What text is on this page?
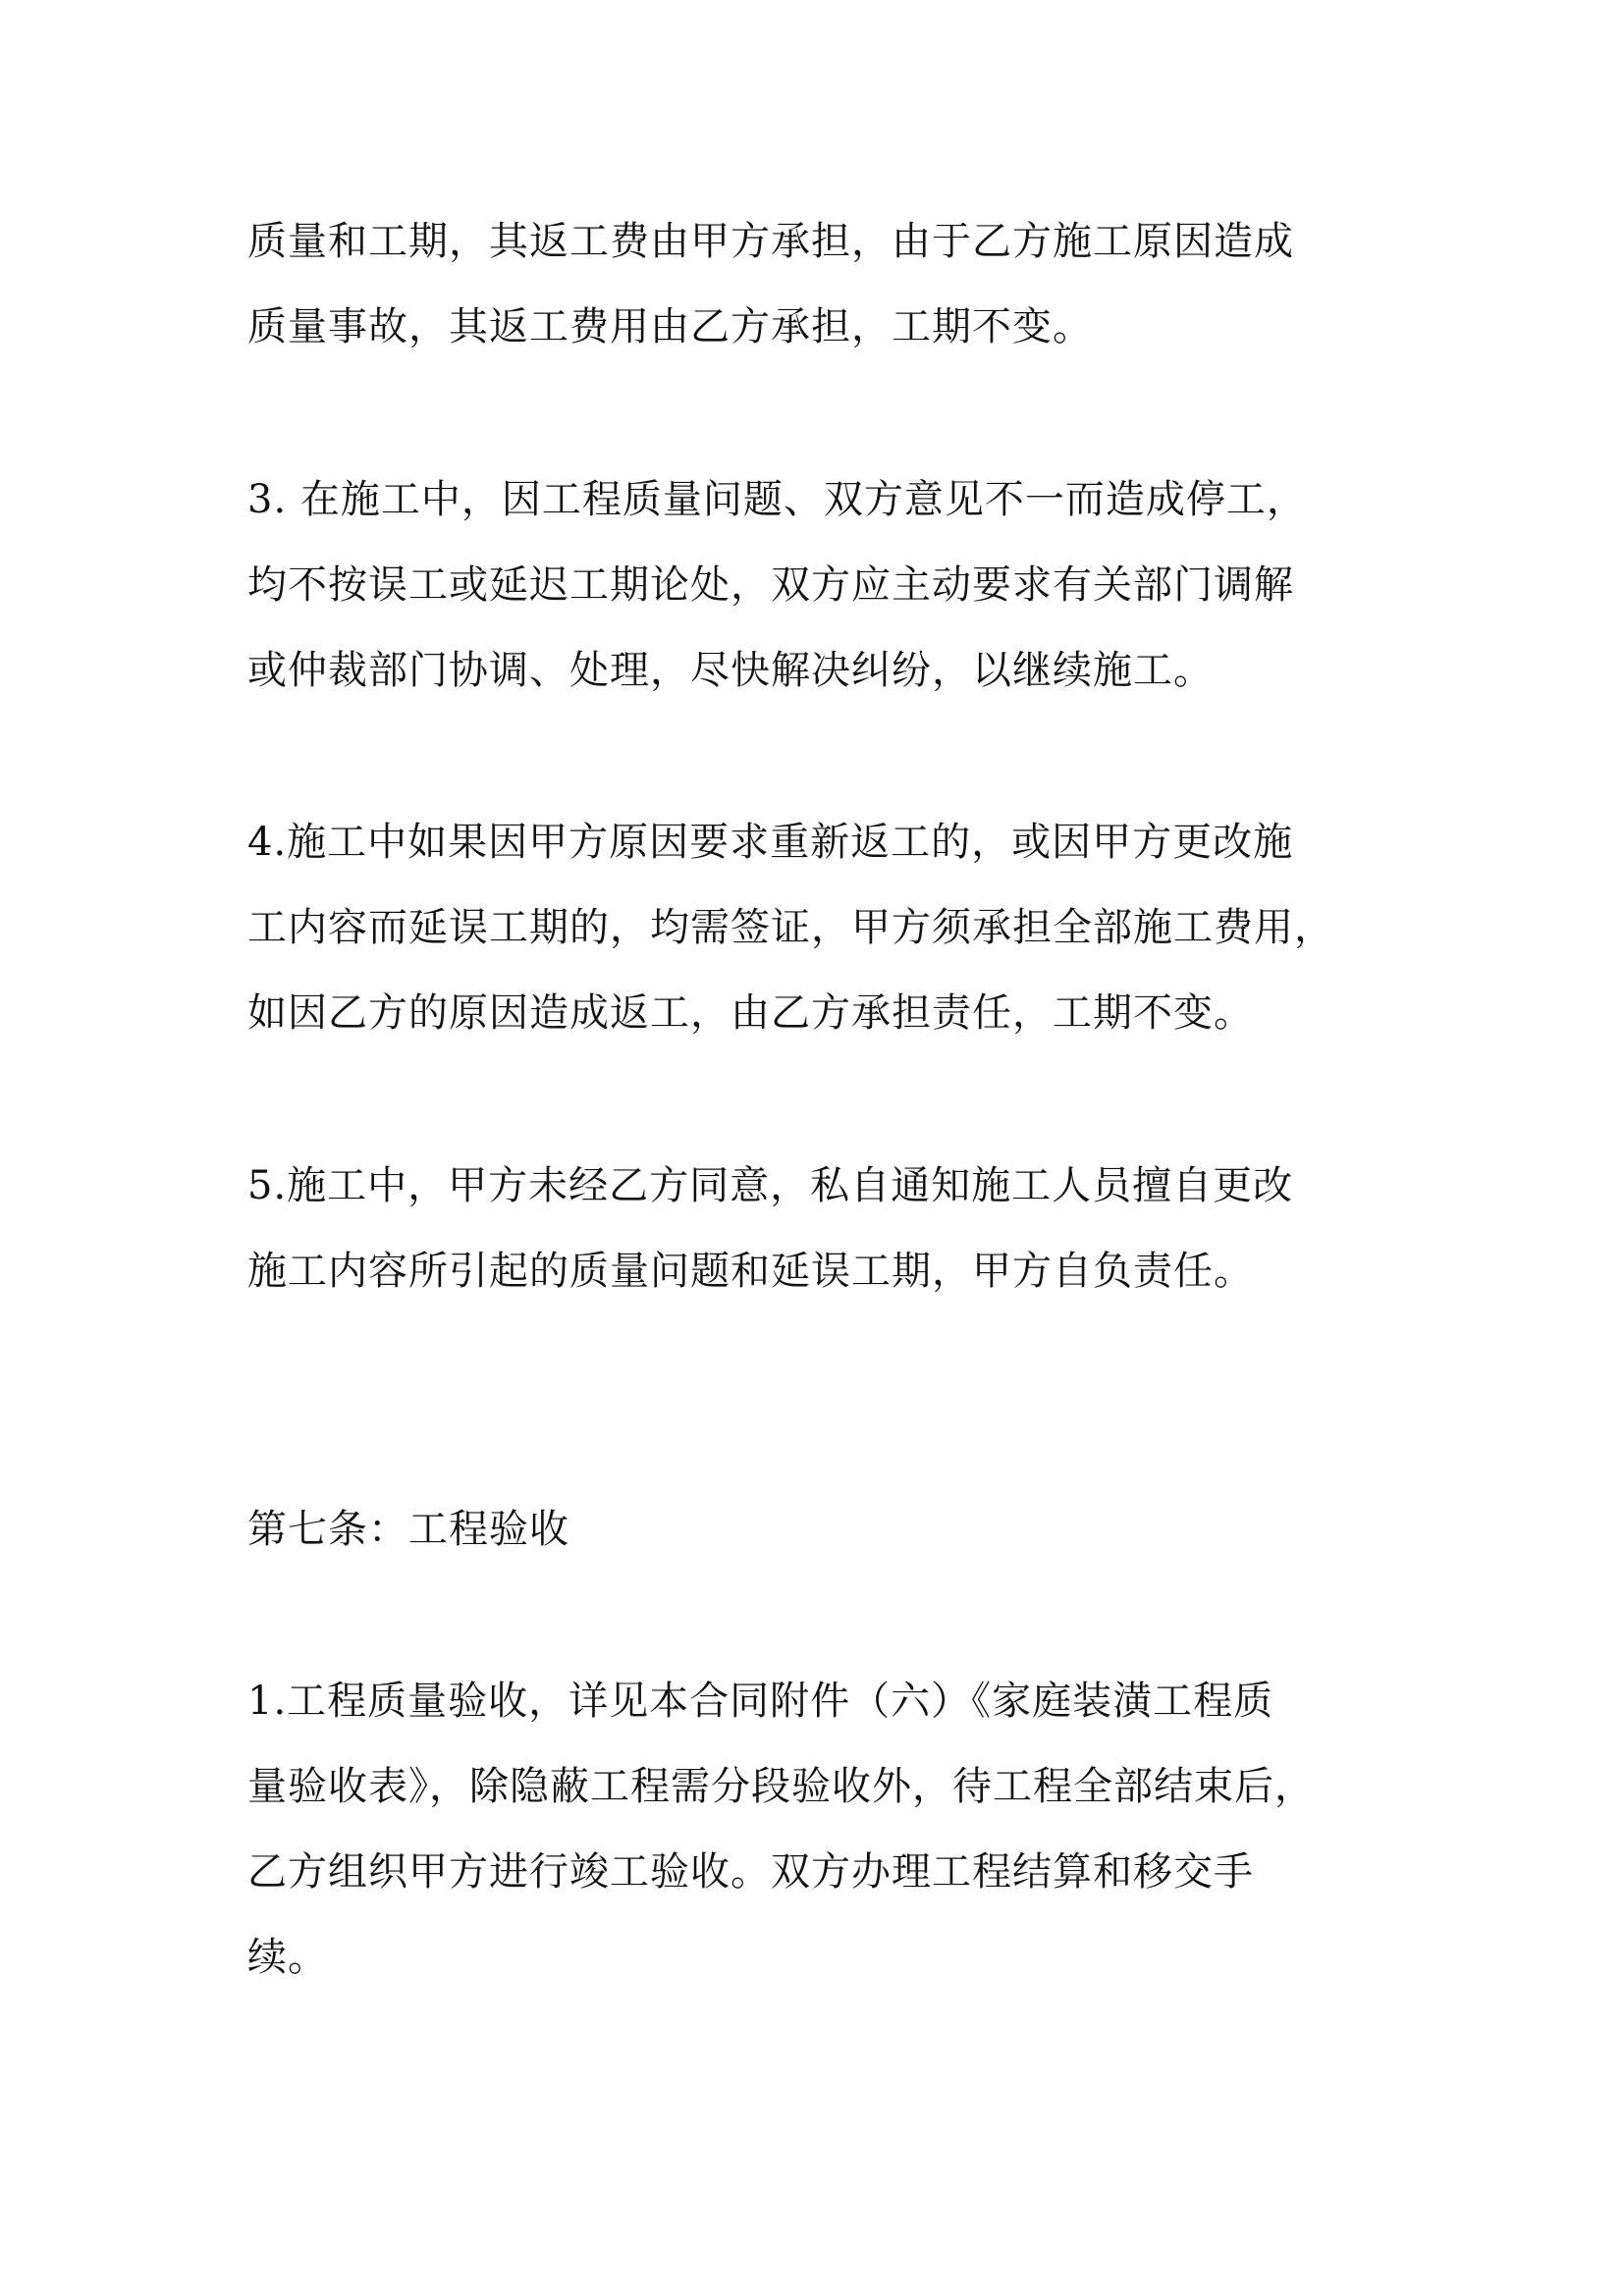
质量和工期，其返工费由甲方承担，由于乙方施工原因造成

质量事故，其返工费用由乙方承担，工期不变。

3. 在施工中，因工程质量问题、双方意见不一而造成停工，

均不按误工或延迟工期论处，双方应主动要求有关部门调解

或仲裁部门协调、处理，尽快解决纠纷，以继续施工。

4.施工中如果因甲方原因要求重新返工的，或因甲方更改施

工内容而延误工期的，均需签证，甲方须承担全部施工费用，

如因乙方的原因造成返工，由乙方承担责任，工期不变。

5.施工中，甲方未经乙方同意，私自通知施工人员擅自更改

施工内容所引起的质量问题和延误工期，甲方自负责任。

第七条：工程验收

1.工程质量验收，详见本合同附件（六）《家庭装潢工程质

量验收表》，除隐蔽工程需分段验收外，待工程全部结束后，

乙方组织甲方进行竣工验收。双方办理工程结算和移交手

续。
